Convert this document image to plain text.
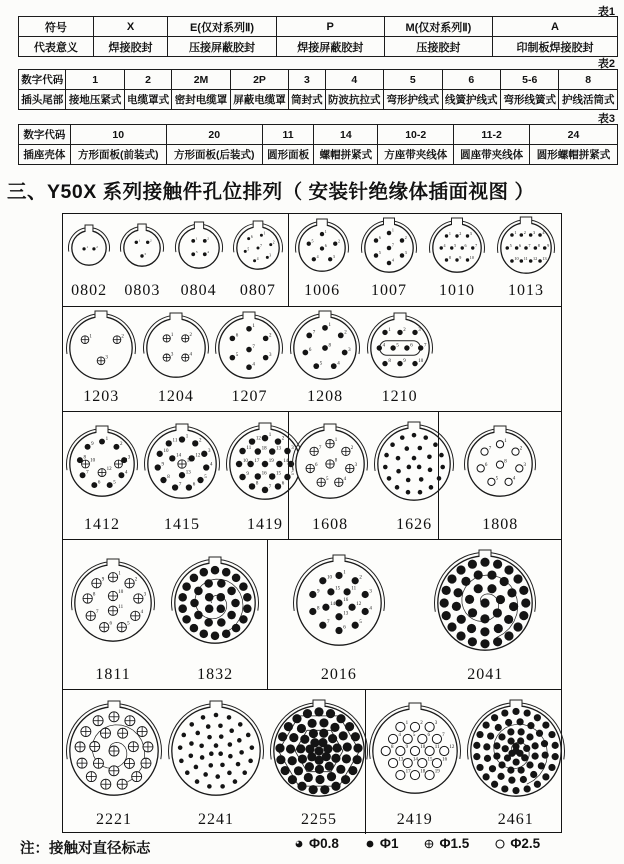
表1
符号	X	E(仅对系列Ⅱ)	P	M(仅对系列Ⅱ)	A
代表意义	焊接胶封	压接屏蔽胶封	焊接屏蔽胶封	压接胶封	印制板焊接胶封
表2
数字代码	1	2	2M	2P	3	4	5	6	5-6	8
插头尾部	接地压紧式	电缆罩式	密封电缆罩	屏蔽电缆罩	筒封式	防波抗拉式	弯形护线式	线簧护线式	弯形线簧式	护线活筒式
表3
数字代码	10	20	11	14	10-2	11-2	24
插座壳体	方形面板(前装式)	方形面板(后装式)	圆形面板	螺帽拼紧式	方座带夹线体	圆座带夹线体	圆形螺帽拼紧式
三、Y50X 系列接触件孔位排列（ 安装针绝缘体插面视图 ）
1	2
0802
1	2
3
0803
1	2
3	4
0804
1
2
3
4
5
6
7
0807
1
2
3
4
5
6
1006
1
2
3
4
5
6
7
1007
1 2 3
4 5 6 7
8 9 10
1010
1 2 3 4
5 6 7 8 9
10 11 12 13
1013
1	2
3
1203
1	2
3	4
1204
1
2
3
4
5
6
7
1207
1
2
3
4
5
6
7
8
1208
1	2	3
4 5 6 7
8	9	10
1210
1
2
3
4
5
6
7
8
9
10	11
12
1412
1
2
3
4
5
6
7
8
9
10
11
12
13
14
15
1415
1
2
3
5
6
7
8
9
10
11
12
13
14
15
16
17
18
19
1419
1
2
3
4
5
6
7
8
1608	1626
1
2
3
4
5
6
7
8
1808
1
2
3
4
5
6
7
8
9
10
11
1811	1832
1
2
3
4
5
6
7
8
9
10
11
12
13
14
15
16
2016	2041
2221	2241	2255
1 2 3
4 5 6 7
8 9 10 11 12
13 14 15 16
17 18 19
2419	2461
注：接触对直径标志	Φ0.8	Φ1	Φ1.5	Φ2.5
